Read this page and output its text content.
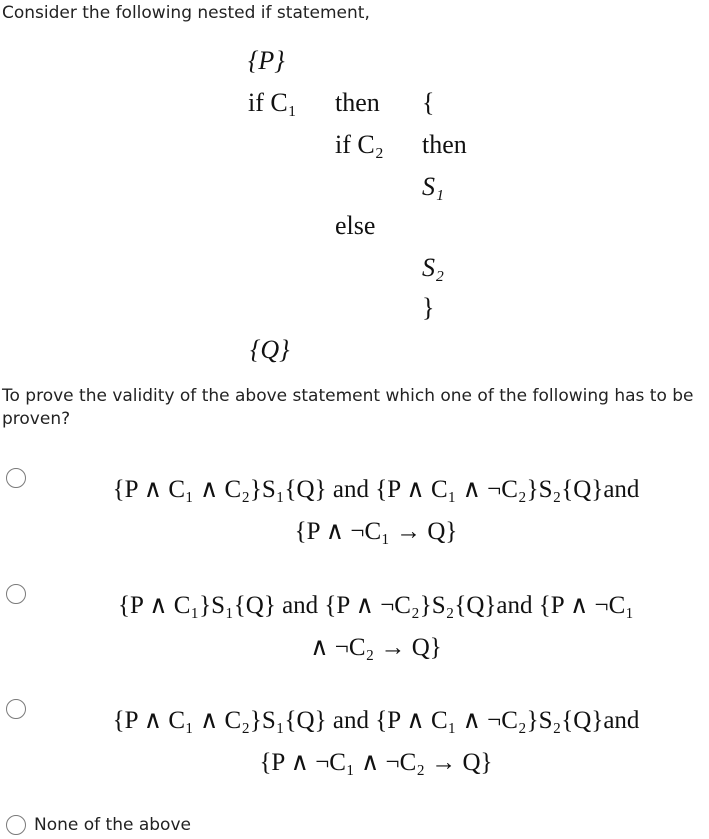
Consider the following nested if statement,
{P}
if C₁ then {
if C₂ then
S₁
else
S₂
}
{Q}
To prove the validity of the above statement which one of the following has to be proven?
{P ∧ C₁ ∧ C₂}S₁{Q} and {P ∧ C₁ ∧ ¬C₂}S₂{Q}and
{P ∧ ¬C₁ → Q}
{P ∧ C₁}S₁{Q} and {P ∧ ¬C₂}S₂{Q}and {P ∧ ¬C₁
∧ ¬C₂ → Q}
{P ∧ C₁ ∧ C₂}S₁{Q} and {P ∧ C₁ ∧ ¬C₂}S₂{Q}and
{P ∧ ¬C₁ ∧ ¬C₂ → Q}
None of the above
